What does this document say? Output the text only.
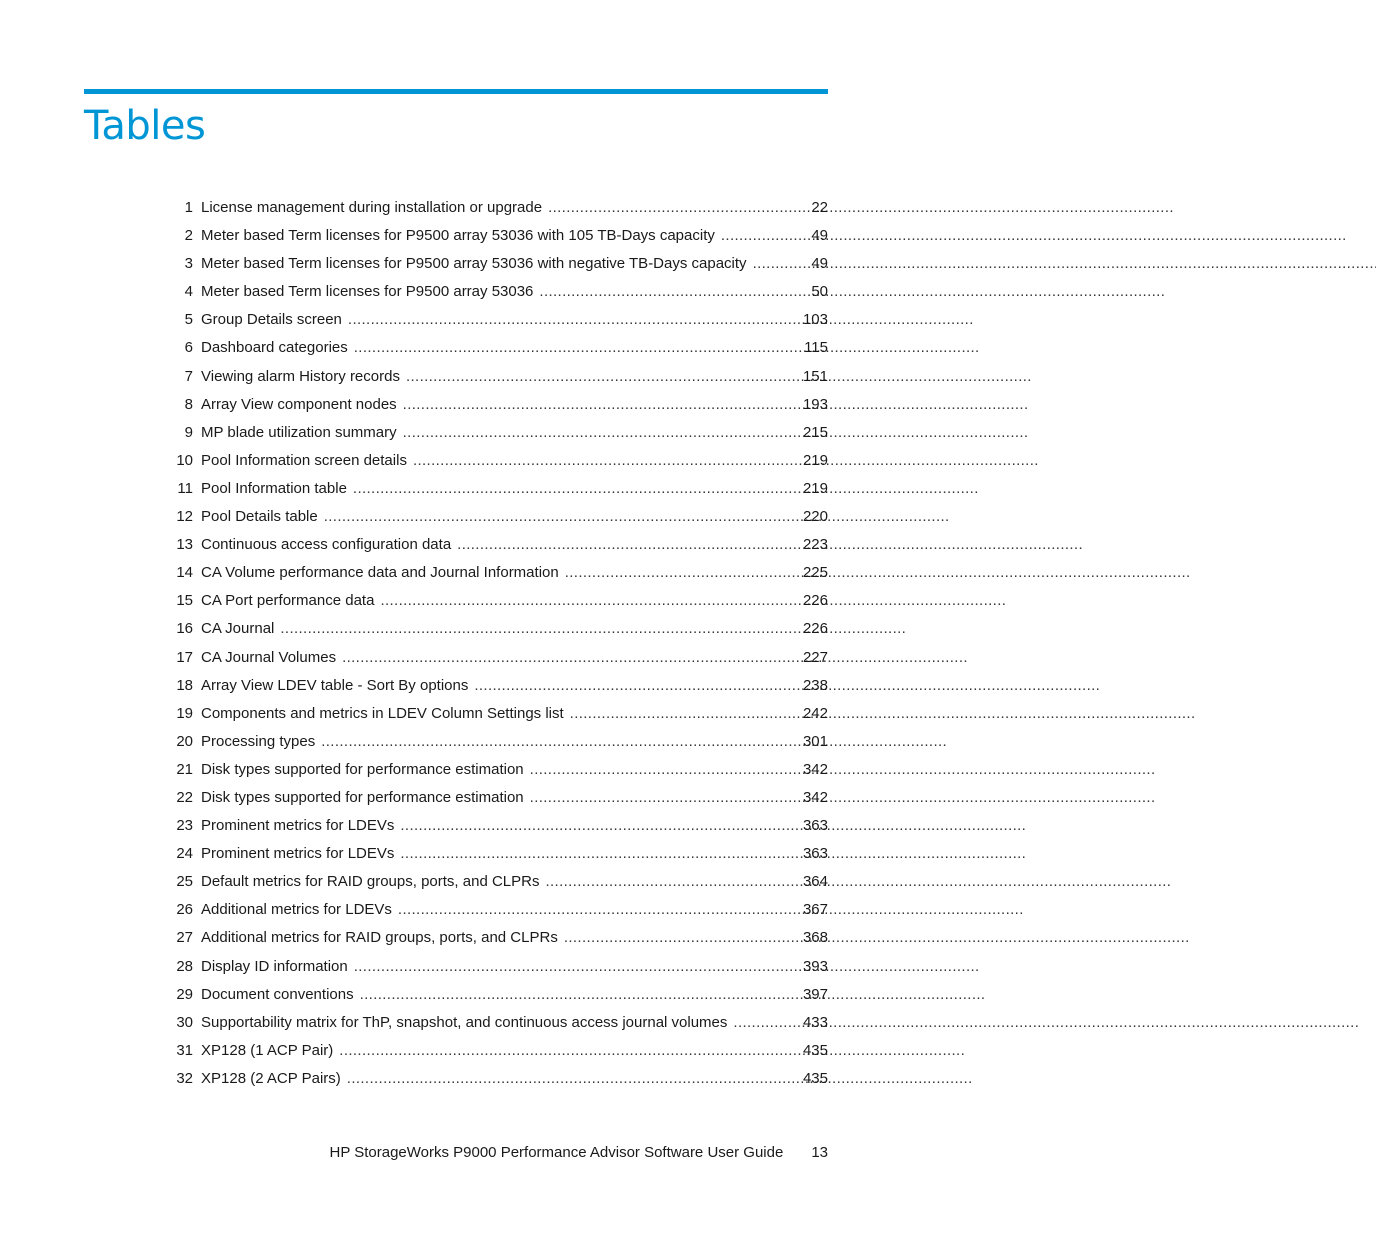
Tables
1 License management during installation or upgrade . . .	22
2 Meter based Term licenses for P9500 array 53036 with 105 TB-Days capacity . . .	49
3 Meter based Term licenses for P9500 array 53036 with negative TB-Days capacity . . .	49
4 Meter based Term licenses for P9500 array 53036 . . .	50
5 Group Details screen . . .	103
6 Dashboard categories . . .	115
7 Viewing alarm History records . . .	151
8 Array View component nodes . . .	193
9 MP blade utilization summary . . .	215
10 Pool Information screen details . . .	219
11 Pool Information table . . .	219
12 Pool Details table . . .	220
13 Continuous access configuration data . . .	223
14 CA Volume performance data and Journal Information . . .	225
15 CA Port performance data . . .	226
16 CA Journal . . .	226
17 CA Journal Volumes . . .	227
18 Array View LDEV table - Sort By options . . .	238
19 Components and metrics in LDEV Column Settings list . . .	242
20 Processing types . . .	301
21 Disk types supported for performance estimation . . .	342
22 Disk types supported for performance estimation . . .	342
23 Prominent metrics for LDEVs . . .	363
24 Prominent metrics for LDEVs . . .	363
25 Default metrics for RAID groups, ports, and CLPRs . . .	364
26 Additional metrics for LDEVs . . .	367
27 Additional metrics for RAID groups, ports, and CLPRs . . .	368
28 Display ID information . . .	393
29 Document conventions . . .	397
30 Supportability matrix for ThP, snapshot, and continuous access journal volumes . . .	433
31 XP128 (1 ACP Pair) . . .	435
32 XP128 (2 ACP Pairs) . . .	435
HP StorageWorks P9000 Performance Advisor Software User Guide 13
